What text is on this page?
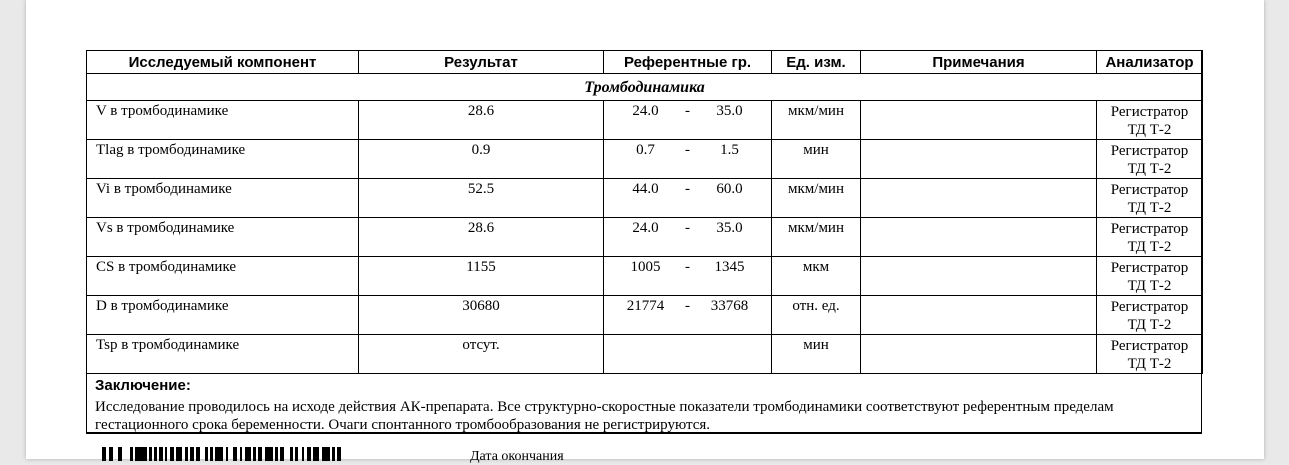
Исследуемый компонент	Результат	Референтные гр.	Ед. изм.	Примечания	Анализатор
Тромбодинамика					
V в тромбодинамике	28.6	24.0 - 35.0	мкм/мин		Регистратор
ТД Т-2

Tlag в тромбодинамике	0.9	0.7 - 1.5	мин		Регистратор
ТД Т-2

Vi в тромбодинамике	52.5	44.0 - 60.0	мкм/мин		Регистратор
ТД Т-2

Vs в тромбодинамике	28.6	24.0 - 35.0	мкм/мин		Регистратор
ТД Т-2

CS в тромбодинамике	1155	1005 - 1345	мкм		Регистратор
ТД Т-2

D в тромбодинамике	30680	21774 - 33768	отн. ед.		Регистратор
ТД Т-2

Tsp в тромбодинамике	отсут.		мин		Регистратор
ТД Т-2
Заключение:
Исследование проводилось на исходе действия АК-препарата. Все структурно-скоростные показатели тромбодинамики соответствуют референтным пределам гестационного срока беременности. Очаги спонтанного тромбообразования не регистрируются.
Дата окончания
